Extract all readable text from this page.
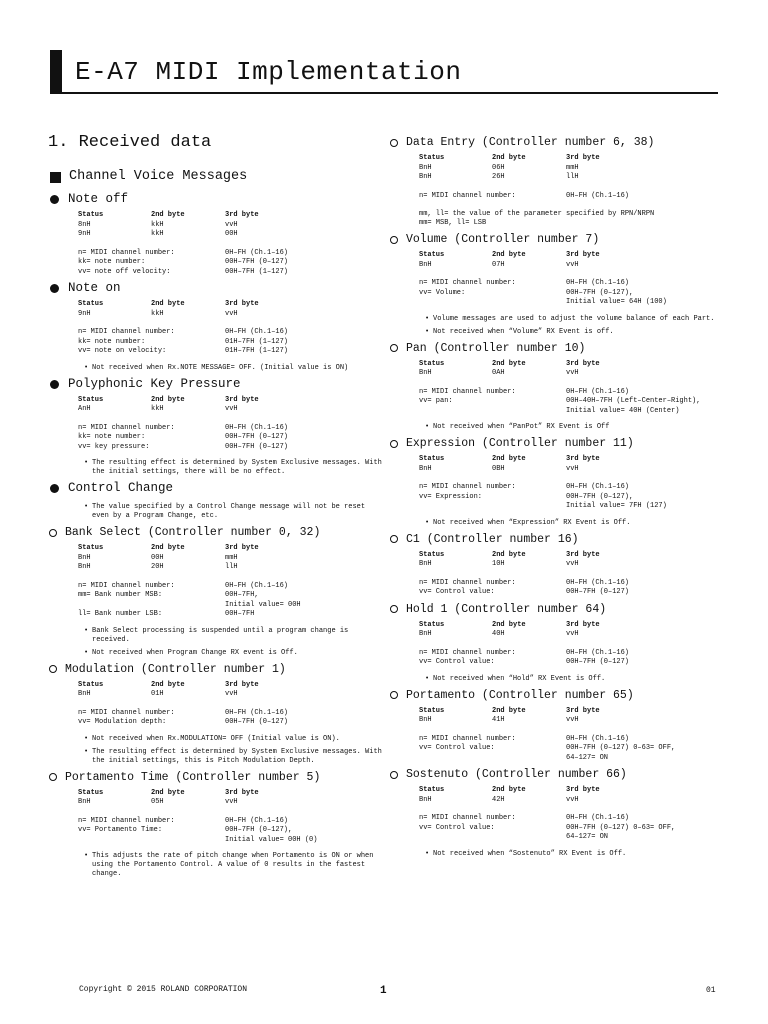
E-A7 MIDI Implementation
1. Received data
Channel Voice Messages
Note off
Status	2nd byte	3rd byte
8nH	kkH	vvH
9nH	kkH	00H
n= MIDI channel number:	0H–FH (Ch.1–16)
kk= note number:	00H–7FH (0–127)
vv= note off velocity:	00H–7FH (1–127)
Note on
Status	2nd byte	3rd byte
9nH	kkH	vvH
n= MIDI channel number:	0H–FH (Ch.1–16)
kk= note number:	01H–7FH (1–127)
vv= note on velocity:	01H–7FH (1–127)
• Not received when Rx.NOTE MESSAGE= OFF. (Initial value is ON)
Polyphonic Key Pressure
Status	2nd byte	3rd byte
AnH	kkH	vvH
n= MIDI channel number:	0H–FH (Ch.1–16)
kk= note number:	00H–7FH (0–127)
vv= key pressure:	00H–7FH (0–127)
• The resulting effect is determined by System Exclusive messages. With the initial settings, there will be no effect.
Control Change
• The value specified by a Control Change message will not be reset even by a Program Change, etc.
Bank Select (Controller number 0, 32)
Status	2nd byte	3rd byte
BnH	00H	mmH
BnH	20H	llH
n= MIDI channel number:	0H–FH (Ch.1–16)
mm= Bank number MSB:	00H–7FH,
Initial value= 00H
ll= Bank number LSB:	00H–7FH
• Bank Select processing is suspended until a program change is received.
• Not received when Program Change RX event is Off.
Modulation (Controller number 1)
Status	2nd byte	3rd byte
BnH	01H	vvH
n= MIDI channel number:	0H–FH (Ch.1–16)
vv= Modulation depth:	00H–7FH (0–127)
• Not received when Rx.MODULATION= OFF (Initial value is ON).
• The resulting effect is determined by System Exclusive messages. With the initial settings, this is Pitch Modulation Depth.
Portamento Time (Controller number 5)
Status	2nd byte	3rd byte
BnH	05H	vvH
n= MIDI channel number:	0H–FH (Ch.1–16)
vv= Portamento Time:	00H–7FH (0–127),
Initial value= 00H (0)
• This adjusts the rate of pitch change when Portamento is ON or when using the Portamento Control. A value of 0 results in the fastest change.
Data Entry (Controller number 6, 38)
Status	2nd byte	3rd byte
BnH	06H	mmH
BnH	26H	llH
n= MIDI channel number:	0H–FH (Ch.1–16)
mm, ll= the value of the parameter specified by RPN/NRPN
mm= MSB, ll= LSB
Volume (Controller number 7)
Status	2nd byte	3rd byte
BnH	07H	vvH
n= MIDI channel number:	0H–FH (Ch.1–16)
vv= Volume:	00H–7FH (0–127),
Initial value= 64H (100)
• Volume messages are used to adjust the volume balance of each Part.
• Not received when “Volume” RX Event is off.
Pan (Controller number 10)
Status	2nd byte	3rd byte
BnH	0AH	vvH
n= MIDI channel number:	0H–FH (Ch.1–16)
vv= pan:	00H–40H–7FH (Left–Center–Right),
Initial value= 40H (Center)
• Not received when “PanPot” RX Event is Off
Expression (Controller number 11)
Status	2nd byte	3rd byte
BnH	0BH	vvH
n= MIDI channel number:	0H–FH (Ch.1–16)
vv= Expression:	00H–7FH (0–127),
Initial value= 7FH (127)
• Not received when “Expression” RX Event is Off.
C1 (Controller number 16)
Status	2nd byte	3rd byte
BnH	10H	vvH
n= MIDI channel number:	0H–FH (Ch.1–16)
vv= Control value:	00H–7FH (0–127)
Hold 1 (Controller number 64)
Status	2nd byte	3rd byte
BnH	40H	vvH
n= MIDI channel number:	0H–FH (Ch.1–16)
vv= Control value:	00H–7FH (0–127)
• Not received when “Hold” RX Event is Off.
Portamento (Controller number 65)
Status	2nd byte	3rd byte
BnH	41H	vvH
n= MIDI channel number:	0H–FH (Ch.1–16)
vv= Control value:	00H–7FH (0–127) 0–63= OFF,
64–127= ON
Sostenuto (Controller number 66)
Status	2nd byte	3rd byte
BnH	42H	vvH
n= MIDI channel number:	0H–FH (Ch.1–16)
vv= Control value:	00H–7FH (0–127) 0–63= OFF,
64–127= ON
• Not received when “Sostenuto” RX Event is Off.
Copyright © 2015 ROLAND CORPORATION	1	01
